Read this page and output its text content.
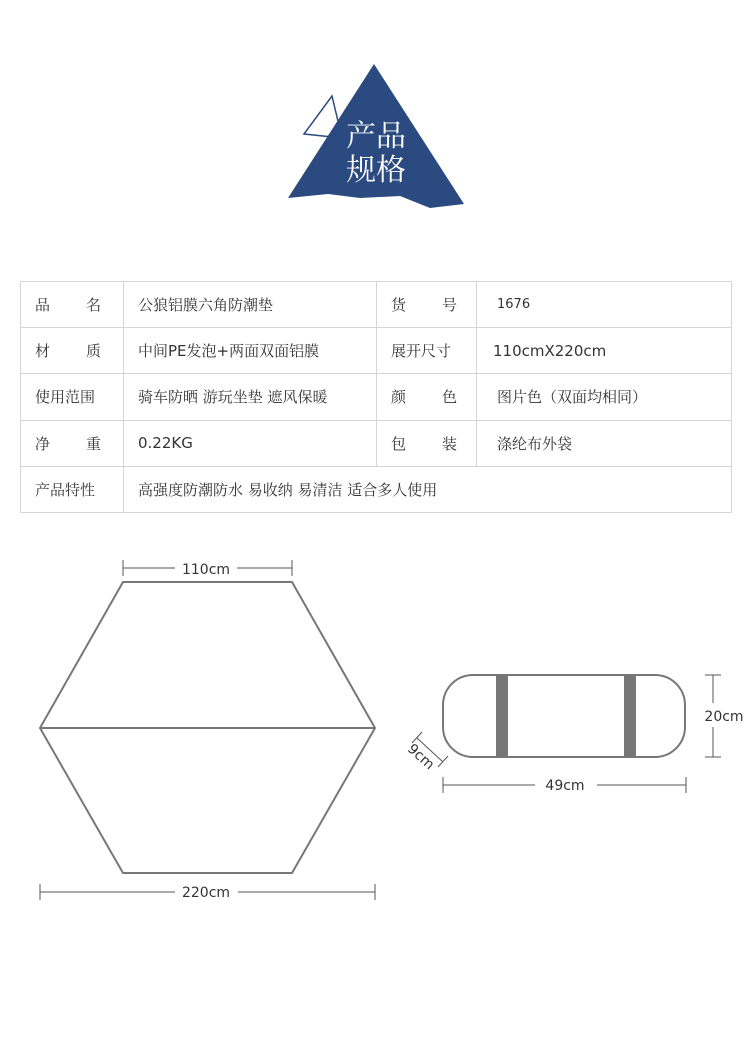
产品
规格
品 名	公狼铝膜六角防潮垫	货 号	1676

材 质	中间PE发泡+两面双面铝膜	展开尺寸	110cmX220cm
使用范围	骑车防晒 游玩坐垫 遮风保暖	颜 色	图片色（双面均相同）

净 重	0.22KG	包 装	涤纶布外袋
产品特性	高强度防潮防水 易收纳 易清洁 适合多人使用		
110cm
220cm
20cm
9cm
49cm
